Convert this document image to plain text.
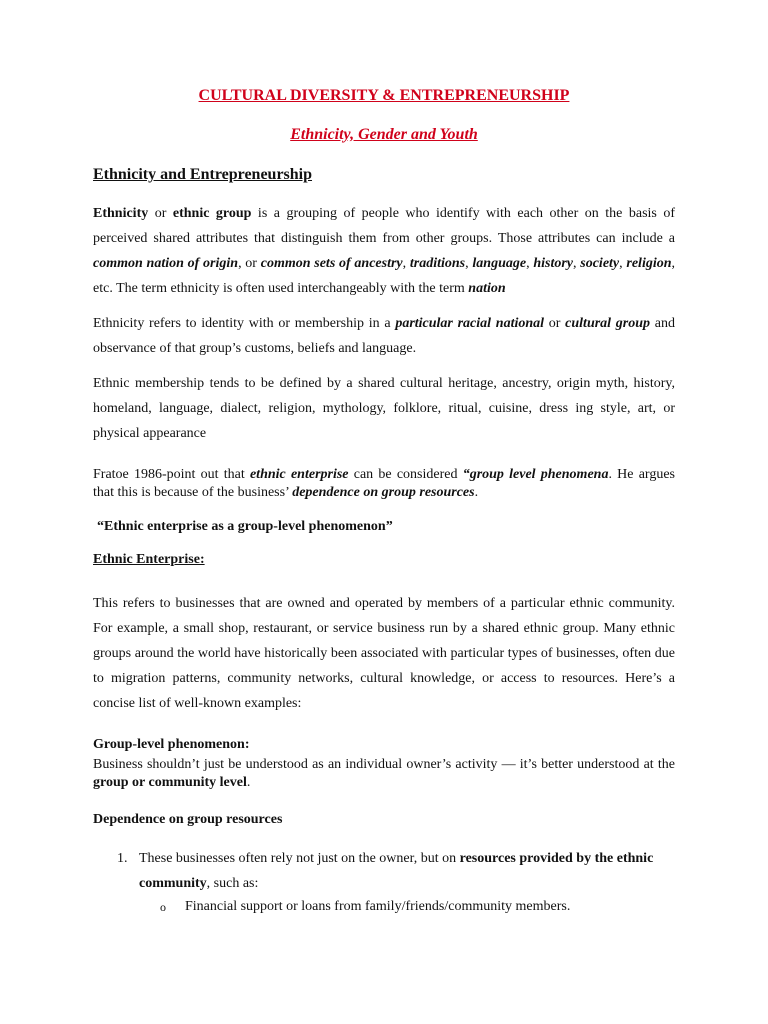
CULTURAL DIVERSITY & ENTREPRENEURSHIP
Ethnicity, Gender and Youth
Ethnicity and Entrepreneurship

Ethnicity or ethnic group is a grouping of people who identify with each other on the basis of perceived shared attributes that distinguish them from other groups. Those attributes can include a common nation of origin, or common sets of ancestry, traditions, language, history, society, religion, etc. The term ethnicity is often used interchangeably with the term nation

Ethnicity refers to identity with or membership in a particular racial national or cultural group and observance of that group’s customs, beliefs and language.

Ethnic membership tends to be defined by a shared cultural heritage, ancestry, origin myth, history, homeland, language, dialect, religion, mythology, folklore, ritual, cuisine, dress ing style, art, or physical appearance

Fratoe 1986-point out that ethnic enterprise can be considered “group level phenomena. He argues that this is because of the business’ dependence on group resources.

“Ethnic enterprise as a group-level phenomenon”
Ethnic Enterprise:

This refers to businesses that are owned and operated by members of a particular ethnic community. For example, a small shop, restaurant, or service business run by a shared ethnic group. Many ethnic groups around the world have historically been associated with particular types of businesses, often due to migration patterns, community networks, cultural knowledge, or access to resources. Here’s a concise list of well-known examples:

Group-level phenomenon:

Business shouldn’t just be understood as an individual owner’s activity — it’s better understood at the group or community level.

Dependence on group resources
1. These businesses often rely not just on the owner, but on resources provided by the ethnic community, such as:
o Financial support or loans from family/friends/community members.
